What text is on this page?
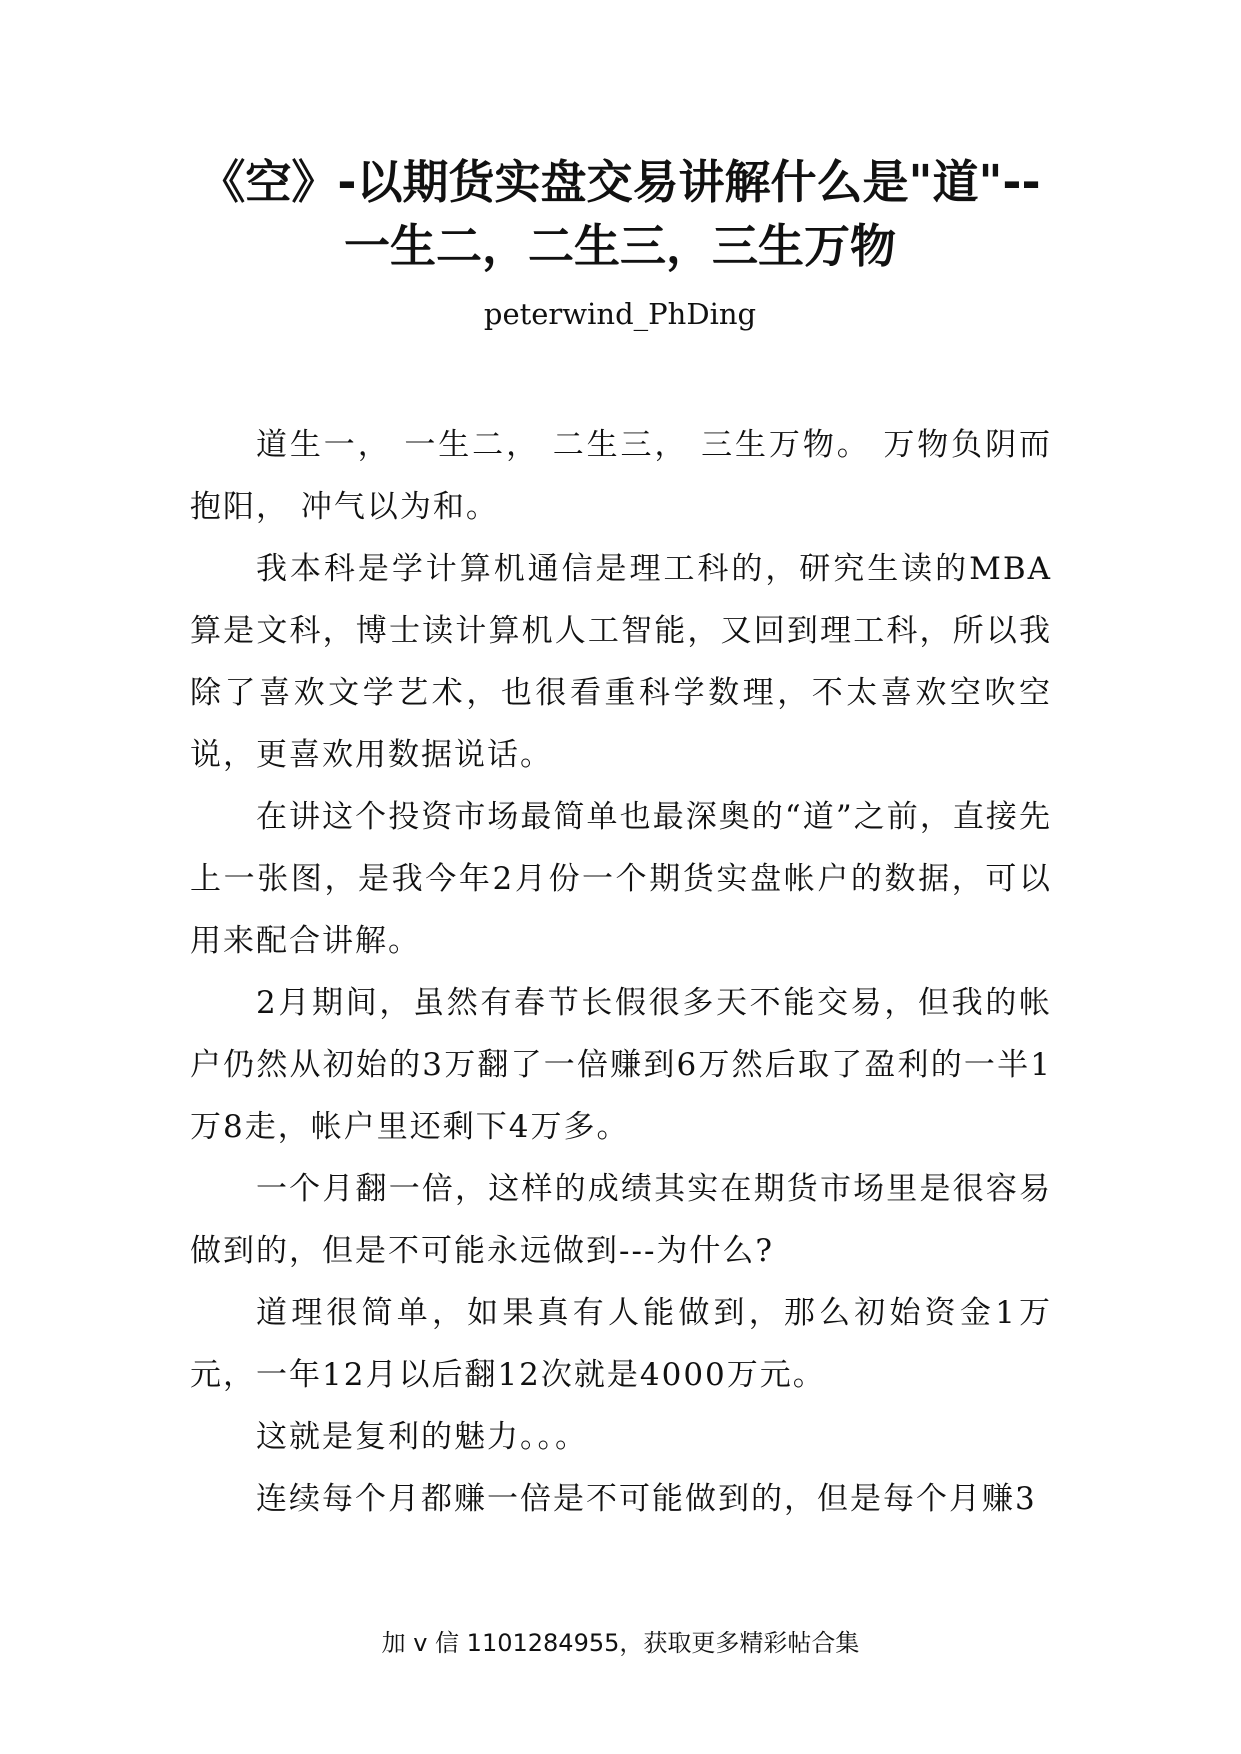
《空》-以期货实盘交易讲解什么是"道"--
一生二，二生三，三生万物

peterwind_PhDing

道生一， 一生二， 二生三， 三生万物。 万物负阴而抱阳， 冲气以为和。

我本科是学计算机通信是理工科的，研究生读的MBA算是文科，博士读计算机人工智能，又回到理工科，所以我除了喜欢文学艺术，也很看重科学数理，不太喜欢空吹空说，更喜欢用数据说话。

在讲这个投资市场最简单也最深奥的“道”之前，直接先上一张图，是我今年2月份一个期货实盘帐户的数据，可以用来配合讲解。

2月期间，虽然有春节长假很多天不能交易，但我的帐户仍然从初始的3万翻了一倍赚到6万然后取了盈利的一半1万8走，帐户里还剩下4万多。

一个月翻一倍，这样的成绩其实在期货市场里是很容易做到的，但是不可能永远做到---为什么?

道理很简单，如果真有人能做到，那么初始资金1万元，一年12月以后翻12次就是4000万元。

这就是复利的魅力。。。

连续每个月都赚一倍是不可能做到的，但是每个月赚3

加 v 信 1101284955，获取更多精彩帖合集
